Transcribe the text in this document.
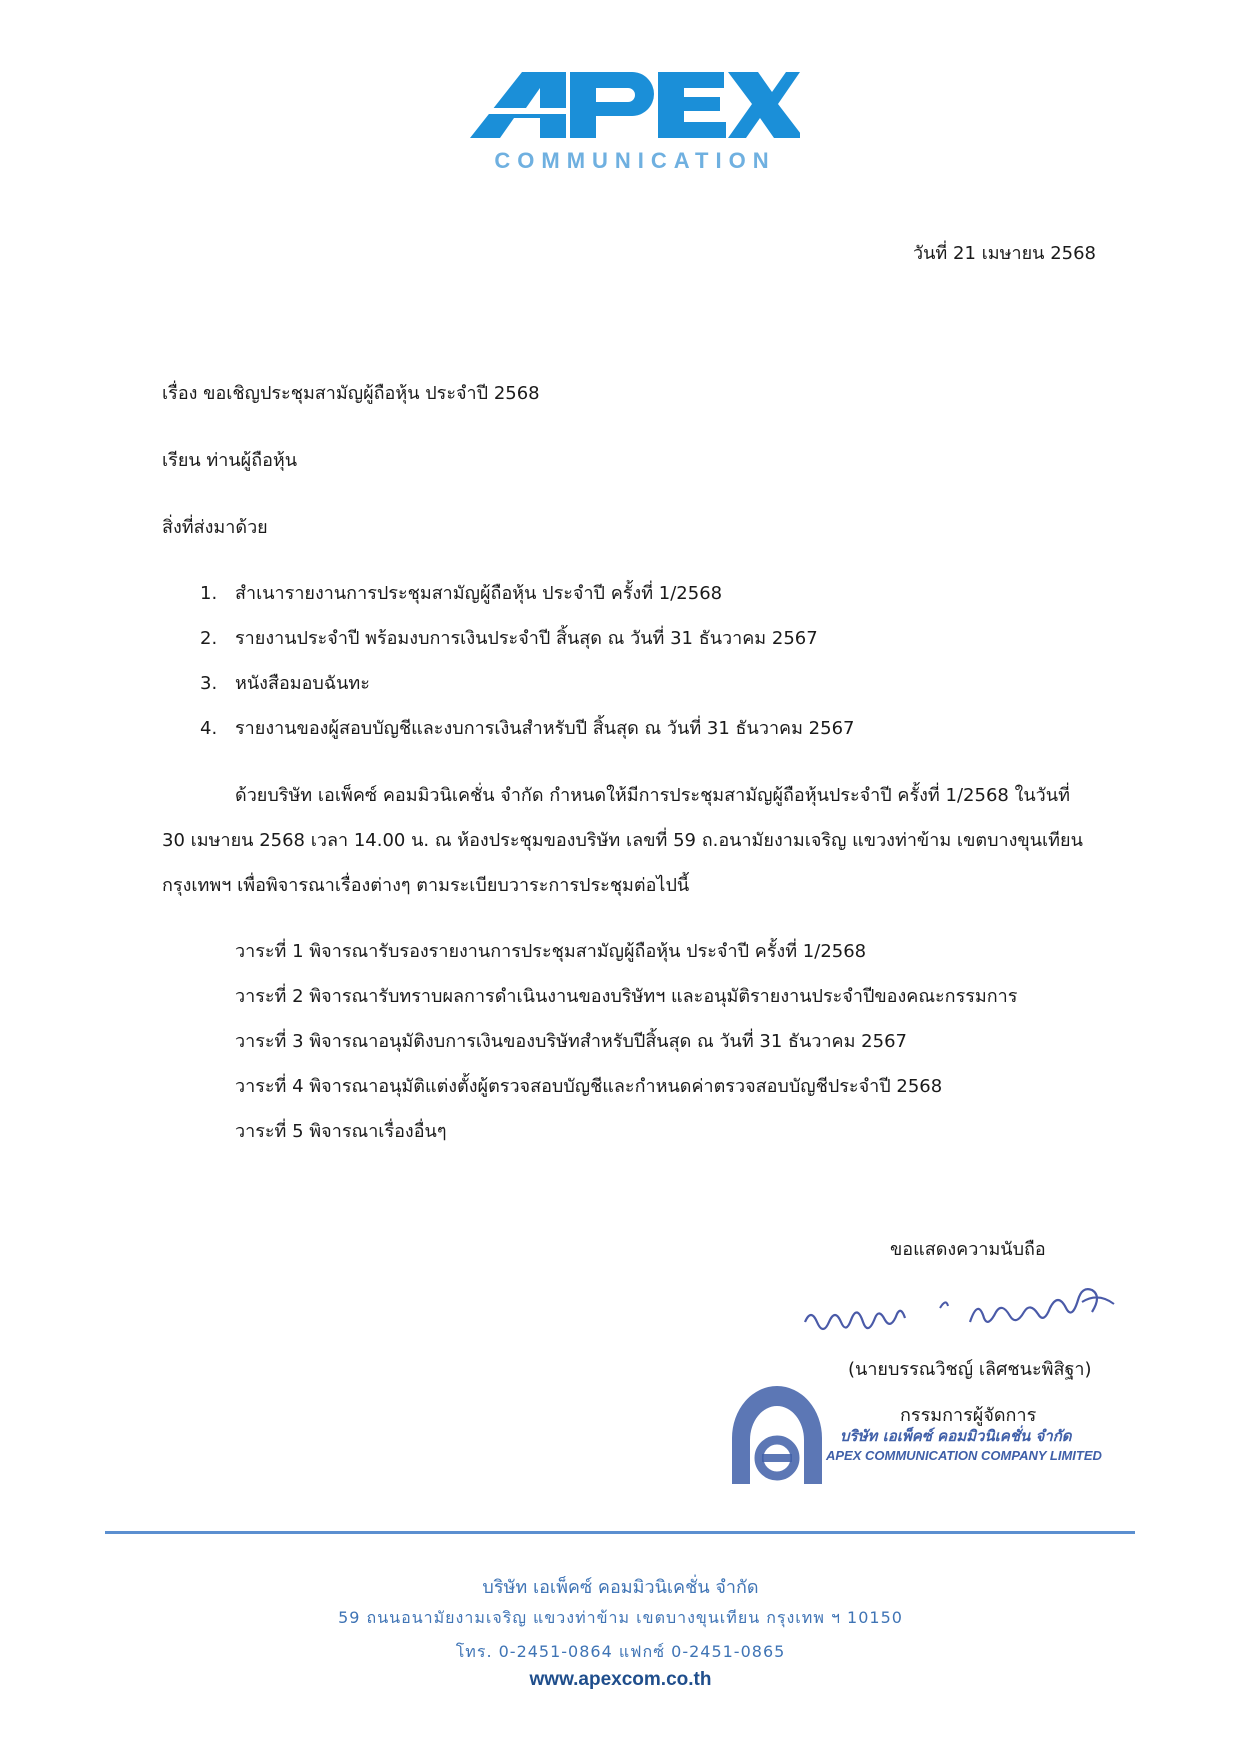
COMMUNICATION
วันที่ 21 เมษายน 2568
เรื่อง ขอเชิญประชุมสามัญผู้ถือหุ้น ประจำปี 2568
เรียน ท่านผู้ถือหุ้น
สิ่งที่ส่งมาด้วย
1. สำเนารายงานการประชุมสามัญผู้ถือหุ้น ประจำปี ครั้งที่ 1/2568
2. รายงานประจำปี พร้อมงบการเงินประจำปี สิ้นสุด ณ วันที่ 31 ธันวาคม 2567
3. หนังสือมอบฉันทะ
4. รายงานของผู้สอบบัญชีและงบการเงินสำหรับปี สิ้นสุด ณ วันที่ 31 ธันวาคม 2567
ด้วยบริษัท เอเพ็คซ์ คอมมิวนิเคชั่น จำกัด กำหนดให้มีการประชุมสามัญผู้ถือหุ้นประจำปี ครั้งที่ 1/2568 ในวันที่
30 เมษายน 2568 เวลา 14.00 น. ณ ห้องประชุมของบริษัท เลขที่ 59 ถ.อนามัยงามเจริญ แขวงท่าข้าม เขตบางขุนเทียน
กรุงเทพฯ เพื่อพิจารณาเรื่องต่างๆ ตามระเบียบวาระการประชุมต่อไปนี้
วาระที่ 1 พิจารณารับรองรายงานการประชุมสามัญผู้ถือหุ้น ประจำปี ครั้งที่ 1/2568
วาระที่ 2 พิจารณารับทราบผลการดำเนินงานของบริษัทฯ และอนุมัติรายงานประจำปีของคณะกรรมการ
วาระที่ 3 พิจารณาอนุมัติงบการเงินของบริษัทสำหรับปีสิ้นสุด ณ วันที่ 31 ธันวาคม 2567
วาระที่ 4 พิจารณาอนุมัติแต่งตั้งผู้ตรวจสอบบัญชีและกำหนดค่าตรวจสอบบัญชีประจำปี 2568
วาระที่ 5 พิจารณาเรื่องอื่นๆ
ขอแสดงความนับถือ
(นายบรรณวิชญ์ เลิศชนะพิสิฐา)
กรรมการผู้จัดการ
บริษัท เอเพ็คซ์ คอมมิวนิเคชั่น จำกัด
APEX COMMUNICATION COMPANY LIMITED
บริษัท เอเพ็คซ์ คอมมิวนิเคชั่น จำกัด
59 ถนนอนามัยงามเจริญ แขวงท่าข้าม เขตบางขุนเทียน กรุงเทพ ฯ 10150
โทร. 0-2451-0864 แฟกซ์ 0-2451-0865
www.apexcom.co.th
